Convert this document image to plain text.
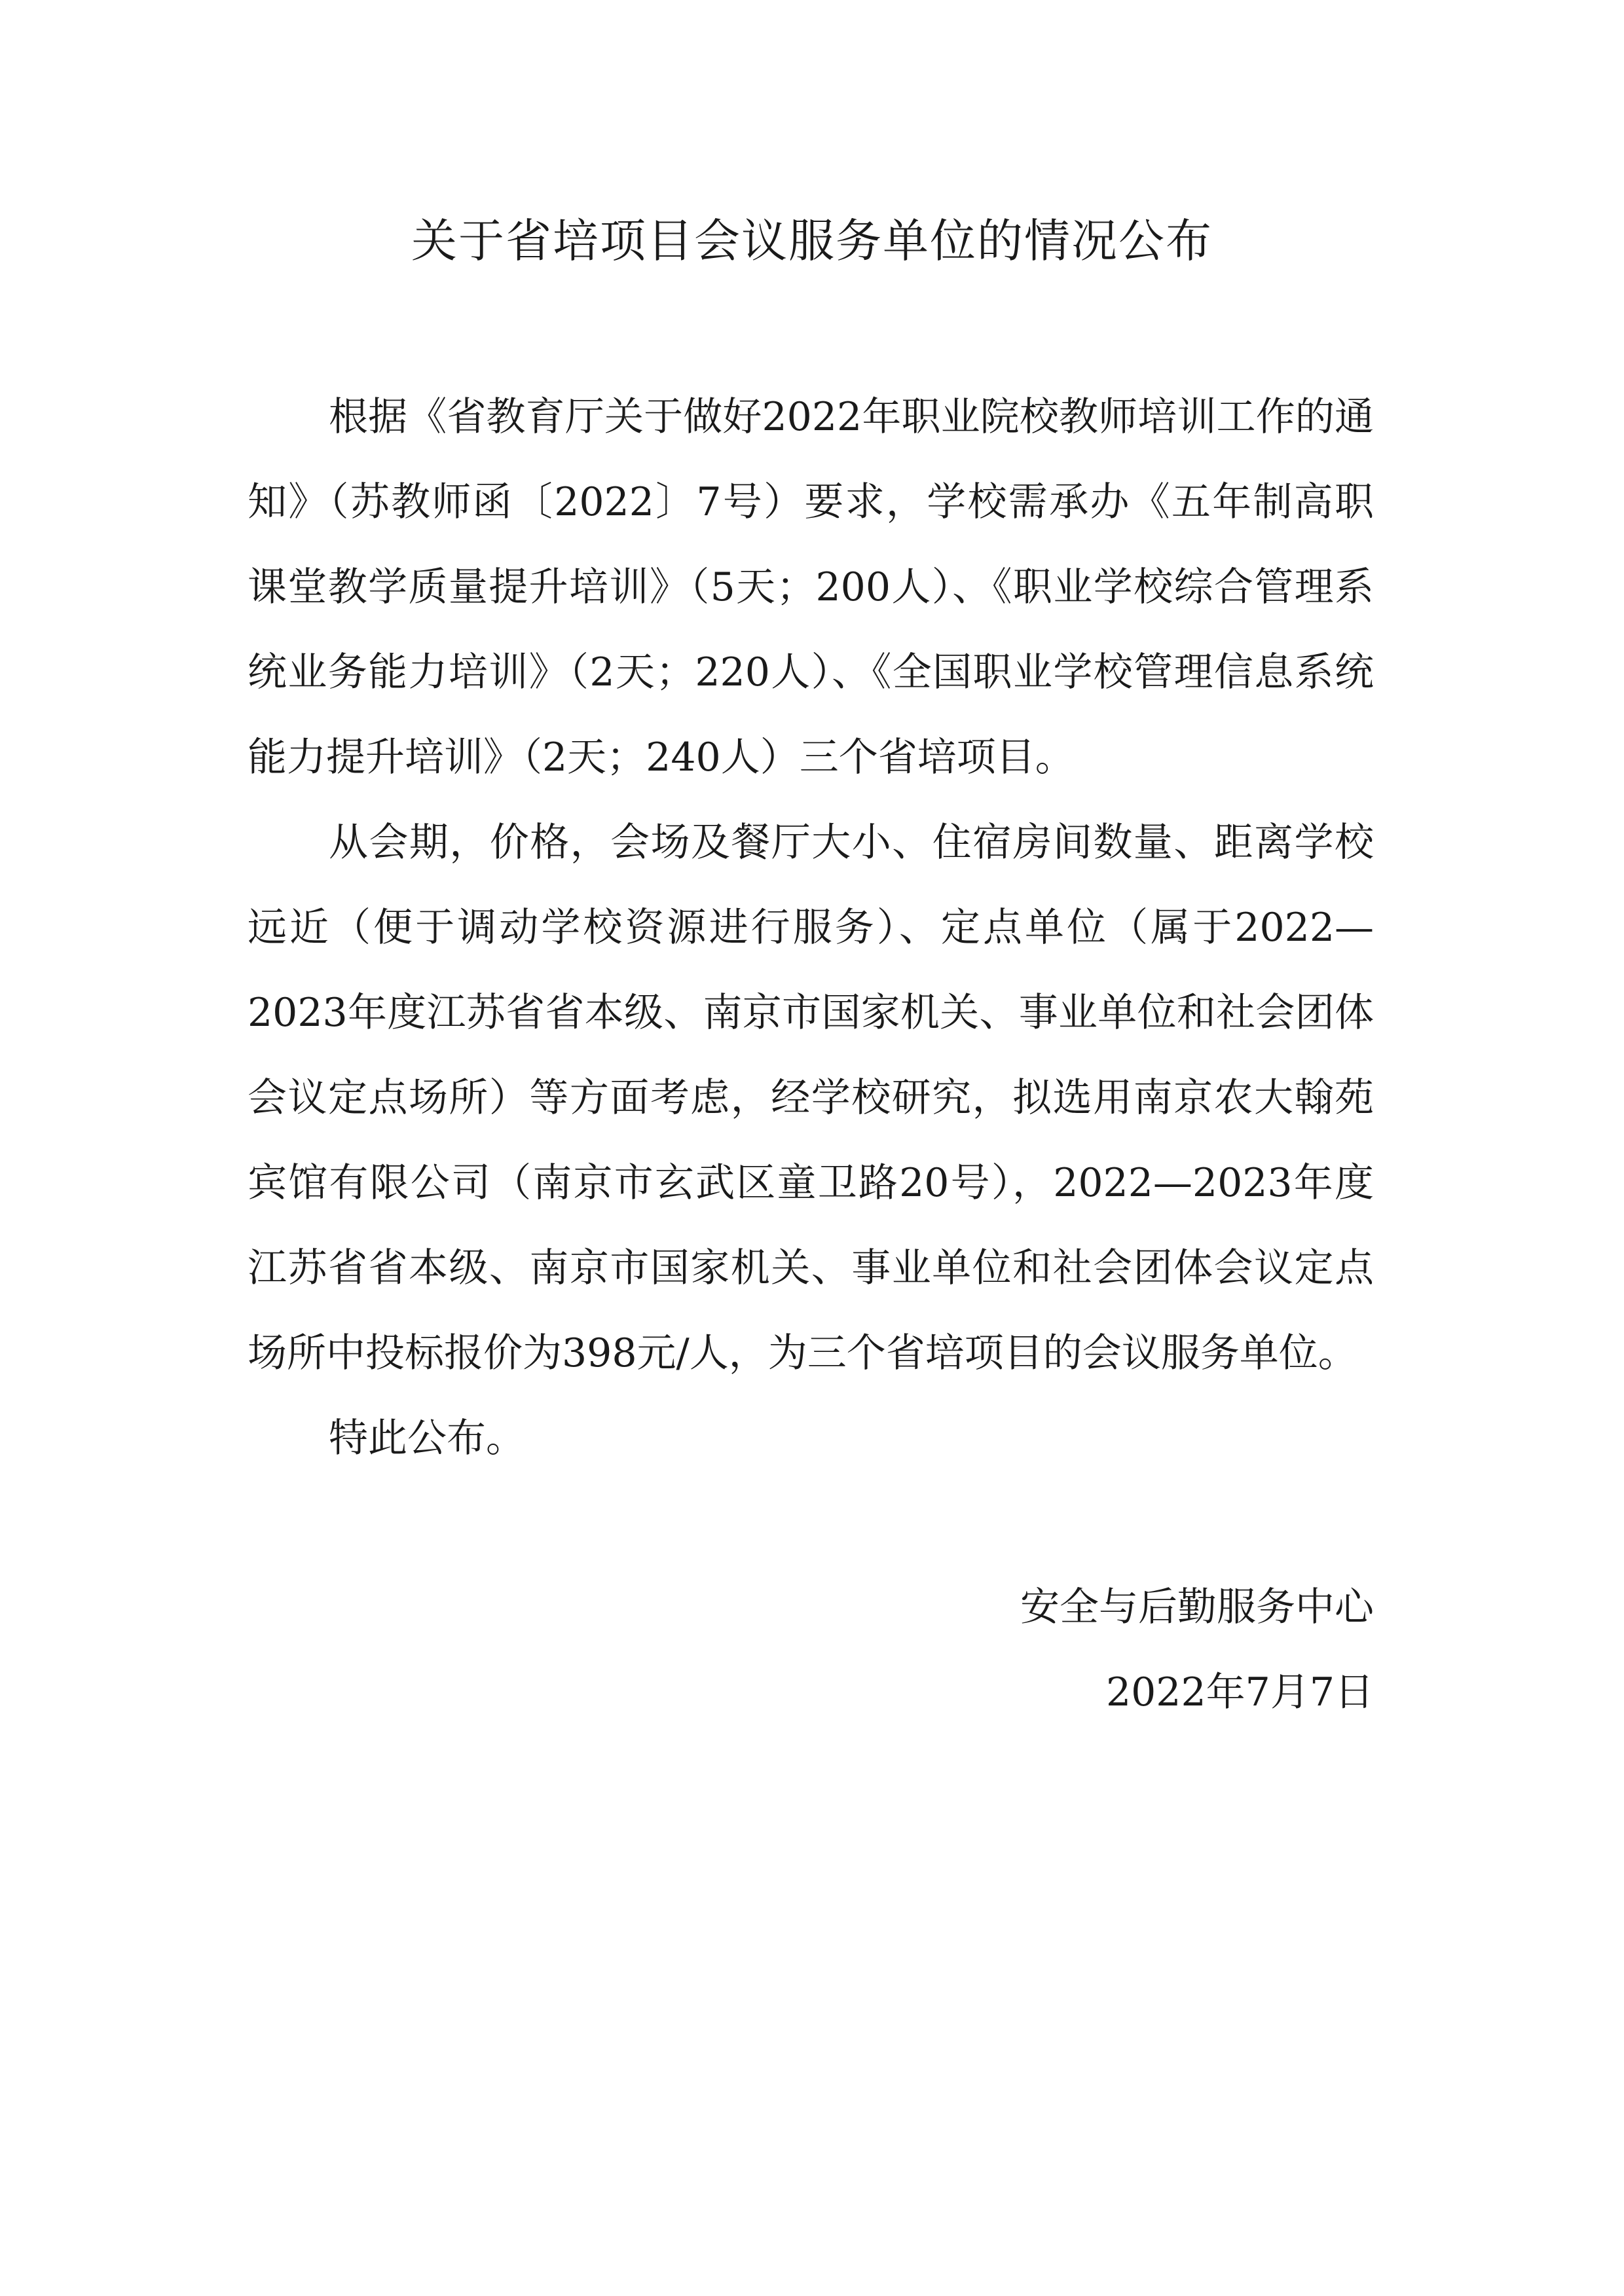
关于省培项目会议服务单位的情况公布

根据《省教育厅关于做好2022年职业院校教师培训工作的通知》（苏教师函〔2022〕7号）要求，学校需承办《五年制高职课堂教学质量提升培训》（5天；200人）、《职业学校综合管理系统业务能力培训》（2天；220人）、《全国职业学校管理信息系统能力提升培训》（2天；240人）三个省培项目。

从会期，价格，会场及餐厅大小、住宿房间数量、距离学校远近（便于调动学校资源进行服务）、定点单位（属于2022—2023年度江苏省省本级、南京市国家机关、事业单位和社会团体会议定点场所）等方面考虑，经学校研究，拟选用南京农大翰苑宾馆有限公司（南京市玄武区童卫路20号），2022—2023年度江苏省省本级、南京市国家机关、事业单位和社会团体会议定点场所中投标报价为398元/人，为三个省培项目的会议服务单位。

特此公布。

安全与后勤服务中心
2022年7月7日
